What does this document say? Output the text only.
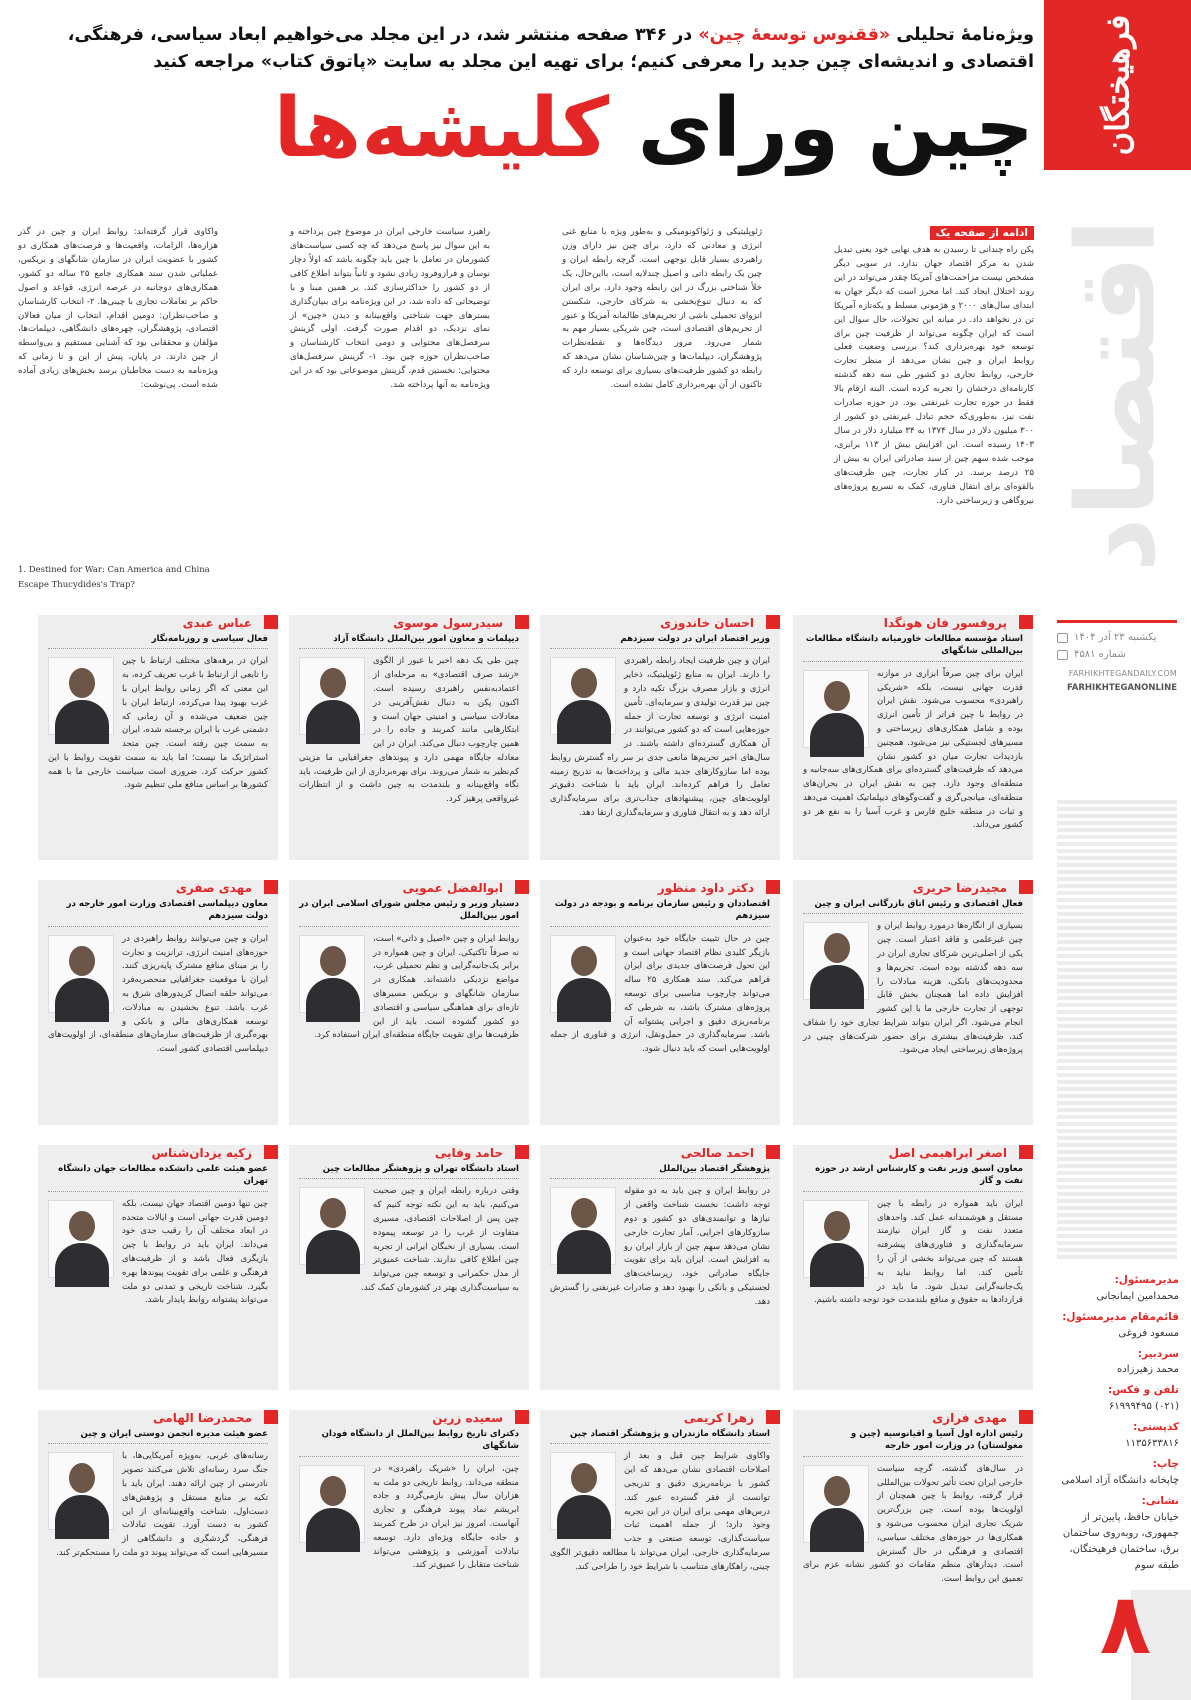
فرهیختگان
اقتصاد
یکشنبه ۲۳ آذر ۱۴۰۴
شماره ۴۵۸۱
FARHIKHTEGANDAILY.COM
FARHIKHTEGANONLINE
مدیرمسئول:
محمدامین ایمانجانی
قائم‌مقام مدیرمسئول:
مسعود فروغی
سردبیر:
محمد زهیرزاده
تلفن و فکس:
(۰۲۱) ۶۱۹۹۹۴۹۵
کدپستی:
۱۱۳۵۶۳۳۸۱۶
چاپ:
چاپخانه دانشگاه آزاد اسلامی
نشانی:
خیابان حافظ، پایین‌تر از جمهوری، روبه‌روی ساختمان برق، ساختمان فرهیختگان، طبقه سوم
۸
ویژه‌نامهٔ تحلیلی «ققنوس توسعهٔ چین» در ۳۴۶ صفحه منتشر شد، در این مجلد می‌خواهیم ابعاد سیاسی، فرهنگی، اقتصادی و اندیشه‌ای چین جدید را معرفی کنیم؛ برای تهیه این مجلد به سایت «پاتوق کتاب» مراجعه کنید
چین ورای کلیشه‌ها
پکن راه چندانی تا رسیدن به هدف نهایی خود یعنی تبدیل شدن به مرکز اقتصاد جهان ندارد. در سویی دیگر مشخص نیست مزاحمت‌های آمریکا چقدر می‌تواند در این روند اختلال ایجاد کند. اما محرز است که دیگر جهان به ابتدای سال‌های ۲۰۰۰ و هژمونی مسلط و یکه‌تازه آمریکا تن در نخواهد داد. در میانه این تحولات، حال سوال این است که ایران چگونه می‌تواند از ظرفیت چین برای توسعه خود بهره‌برداری کند؟ بررسی وضعیت فعلی روابط ایران و چین نشان می‌دهد از منظر تجارت خارجی، روابط تجاری دو کشور طی سه دهه گذشته کارنامه‌ای درخشان را تجربه کرده است. البته ارقام بالا فقط در حوزه تجارت غیرنفتی بود. در حوزه صادرات نفت نیز، به‌طوری‌که حجم تبادل غیرنفتی دو کشور از ۳۰۰ میلیون دلار در سال ۱۳۷۴ به ۳۴ میلیارد دلار در سال ۱۴۰۳ رسیده است. این افزایش بیش از ۱۱۳ برابری، موجب شده سهم چین از سبد صادراتی ایران به بیش از ۲۵ درصد برسد. در کنار تجارت، چین ظرفیت‌های بالقوه‌ای برای انتقال فناوری، کمک به تسریع پروژه‌های نیروگاهی و زیرساختی دارد.
ادامه از صفحه یک
ژئوپلیتیکی و ژئواکونومیکی و به‌طور ویژه با منابع غنی انرژی و معادنی که دارد، برای چین نیز دارای وزن راهبردی بسیار قابل توجهی است. گرچه رابطه ایران و چین یک رابطه ذاتی و اصیل چندلایه است، بااین‌حال، یک خلأ شناختی بزرگ در این رابطه وجود دارد. برای ایران که به دنبال تنوع‌بخشی به شرکای خارجی، شکستن انزوای تحمیلی ناشی از تحریم‌های ظالمانه آمریکا و عبور از تحریم‌های اقتصادی است، چین شریکی بسیار مهم به شمار می‌رود. مرور دیدگاه‌ها و نقطه‌نظرات پژوهشگران، دیپلمات‌ها و چین‌شناسان نشان می‌دهد که رابطه دو کشور ظرفیت‌های بسیاری برای توسعه دارد که تاکنون از آن بهره‌برداری کامل نشده است.
راهبرد سیاست خارجی ایران در موضوع چین پرداخته و به این سوال نیز پاسخ می‌دهد که چه کسی سیاست‌های کشورمان در تعامل با چین باید چگونه باشد که اولاً دچار نوسان و فرازوفرود زیادی نشود و ثانیاً بتواند اطلاع کافی از دو کشور را حداکثرسازی کند. بر همین مبنا و با توضیحاتی که داده شد، در این ویژه‌نامه برای بنیان‌گذاری بسترهای جهت شناختی واقع‌بینانه و دیدن «چین» از نمای نزدیک، دو اقدام صورت گرفت. اولی گزینش سرفصل‌های محتوایی و دومی انتخاب کارشناسان و صاحب‌نظران حوزه چین بود. ۱- گزینش سرفصل‌های محتوایی: نخستین قدم، گزینش موضوعاتی بود که در این ویژه‌نامه به آنها پرداخته شد.
واکاوی قرار گرفته‌اند: روابط ایران و چین در گذر هزاره‌ها، الزامات، واقعیت‌ها و فرصت‌های همکاری دو کشور با عضویت ایران در سازمان شانگهای و بریکس، عملیاتی شدن سند همکاری جامع ۲۵ ساله دو کشور، همکاری‌های دوجانبه در عرصه انرژی، قواعد و اصول حاکم بر تعاملات تجاری با چینی‌ها. ۲- انتخاب کارشناسان و صاحب‌نظران: دومین اقدام، انتخاب از میان فعالان اقتصادی، پژوهشگران، چهره‌های دانشگاهی، دیپلمات‌ها، مؤلفان و محققانی بود که آشنایی مستقیم و بی‌واسطه از چین دارند. در پایان، پیش از این و تا زمانی که ویژه‌نامه به دست مخاطبان برسد بخش‌های زیادی آماده شده است. پی‌نوشت:
1. Destined for War: Can America and China Escape Thucydides's Trap?
پروفسور فان هونگدا
استاد مؤسسه مطالعات خاورمیانه دانشگاه مطالعات بین‌المللی شانگهای
ایران برای چین صرفاً ابزاری در موازنه قدرت جهانی نیست، بلکه «شریکی راهبردی» محسوب می‌شود. نقش ایران در روابط با چین فراتر از تأمین انرژی بوده و شامل همکاری‌های زیرساختی و مسیرهای لجستیکی نیز می‌شود. همچنین بازدیدات تجارت میان دو کشور نشان می‌دهد که ظرفیت‌های گسترده‌ای برای همکاری‌های سه‌جانبه و منطقه‌ای وجود دارد. چین به نقش ایران در بحران‌های منطقه‌ای، میانجی‌گری و گفت‌وگوهای دیپلماتیک اهمیت می‌دهد و ثبات در منطقه خلیج فارس و غرب آسیا را به نفع هر دو کشور می‌داند.
احسان خاندوزی
وزیر اقتصاد ایران در دولت سیزدهم
ایران و چین ظرفیت ایجاد رابطه راهبردی را دارند. ایران به منابع ژئوپلیتیک، ذخایر انرژی و بازار مصرف بزرگ تکیه دارد و چین نیز قدرت تولیدی و سرمایه‌ای. تأمین امنیت انرژی و توسعه تجارت از جمله حوزه‌هایی است که دو کشور می‌توانند در آن همکاری گسترده‌ای داشته باشند. در سال‌های اخیر تحریم‌ها مانعی جدی بر سر راه گسترش روابط بوده اما سازوکارهای جدید مالی و پرداخت‌ها به تدریج زمینه تعامل را فراهم کرده‌اند. ایران باید با شناخت دقیق‌تر اولویت‌های چین، پیشنهادهای جذاب‌تری برای سرمایه‌گذاری ارائه دهد و به انتقال فناوری و سرمایه‌گذاری ارتقا دهد.
سیدرسول موسوی
دیپلمات و معاون امور بین‌الملل دانشگاه آزاد
چین طی یک دهه اخیر با عبور از الگوی «رشد صرف اقتصادی» به مرحله‌ای از اعتمادبه‌نفس راهبردی رسیده است. اکنون پکن به دنبال نقش‌آفرینی در معادلات سیاسی و امنیتی جهان است و ابتکارهایی مانند کمربند و جاده را در همین چارچوب دنبال می‌کند. ایران در این معادله جایگاه مهمی دارد و پیوندهای جغرافیایی ما مزیتی کم‌نظیر به شمار می‌روند. برای بهره‌برداری از این ظرفیت، باید نگاه واقع‌بینانه و بلندمدت به چین داشت و از انتظارات غیرواقعی پرهیز کرد.
عباس عبدی
فعال سیاسی و روزنامه‌نگار
ایران در برهه‌های مختلف ارتباط با چین را تابعی از ارتباط با غرب تعریف کرده، به این معنی که اگر زمانی روابط ایران با غرب بهبود پیدا می‌کرده، ارتباط ایران با چین ضعیف می‌شده و آن زمانی که دشمنی غرب با ایران برجسته شده، ایران به سمت چین رفته است. چین متحد استراتژیک ما نیست؛ اما باید به سمت تقویت روابط با این کشور حرکت کرد. ضروری است سیاست خارجی ما با همه کشورها بر اساس منافع ملی تنظیم شود.
مجیدرضا حریری
فعال اقتصادی و رئیس اتاق بازرگانی ایران و چین
بسیاری از انگاره‌ها درمورد روابط ایران و چین غیرعلمی و فاقد اعتبار است. چین یکی از اصلی‌ترین شرکای تجاری ایران در سه دهه گذشته بوده است. تحریم‌ها و محدودیت‌های بانکی، هزینه مبادلات را افزایش داده اما همچنان بخش قابل توجهی از تجارت خارجی ما با این کشور انجام می‌شود. اگر ایران بتواند شرایط تجاری خود را شفاف کند، ظرفیت‌های بیشتری برای حضور شرکت‌های چینی در پروژه‌های زیرساختی ایجاد می‌شود.
دکتر داود منظور
اقتصاددان و رئیس سازمان برنامه و بودجه در دولت سیزدهم
چین در حال تثبیت جایگاه خود به‌عنوان بازیگر کلیدی نظام اقتصاد جهانی است و این تحول فرصت‌های جدیدی برای ایران فراهم می‌کند. سند همکاری ۲۵ ساله می‌تواند چارچوب مناسبی برای توسعه پروژه‌های مشترک باشد، به شرطی که برنامه‌ریزی دقیق و اجرایی پشتوانه آن باشد. سرمایه‌گذاری در حمل‌ونقل، انرژی و فناوری از جمله اولویت‌هایی است که باید دنبال شود.
ابوالفضل عمویی
دستیار وزیر و رئیس مجلس شورای اسلامی ایران در امور بین‌الملل
روابط ایران و چین «اصیل و ذاتی» است، نه صرفاً تاکتیکی. ایران و چین همواره در برابر یک‌جانبه‌گرایی و نظم تحمیلی غرب، مواضع نزدیکی داشته‌اند. همکاری در سازمان شانگهای و بریکس مسیرهای تازه‌ای برای هماهنگی سیاسی و اقتصادی دو کشور گشوده است. باید از این ظرفیت‌ها برای تقویت جایگاه منطقه‌ای ایران استفاده کرد.
مهدی صفری
معاون دیپلماسی اقتصادی وزارت امور خارجه در دولت سیزدهم
ایران و چین می‌توانند روابط راهبردی در حوزه‌های امنیت انرژی، ترانزیت و تجارت را بر مبنای منافع مشترک پایه‌ریزی کنند. ایران با موقعیت جغرافیایی منحصر‌به‌فرد می‌تواند حلقه اتصال کریدورهای شرق به غرب باشد. تنوع بخشیدن به مبادلات، توسعه همکاری‌های مالی و بانکی و بهره‌گیری از ظرفیت‌های سازمان‌های منطقه‌ای، از اولویت‌های دیپلماسی اقتصادی کشور است.
اصغر ابراهیمی اصل
معاون اسبق وزیر نفت و کارشناس ارشد در حوزه نفت و گاز
ایران باید همواره در رابطه با چین مستقل و هوشمندانه عمل کند. واحدهای متعدد نفت و گاز ایران نیازمند سرمایه‌گذاری و فناوری‌های پیشرفته هستند که چین می‌تواند بخشی از آن را تأمین کند. اما روابط نباید به یک‌جانبه‌گرایی تبدیل شود. ما باید در قراردادها به حقوق و منافع بلندمدت خود توجه داشته باشیم.
احمد صالحی
پژوهشگر اقتصاد بین‌الملل
در روابط ایران و چین باید به دو مقوله توجه داشت: نخست شناخت واقعی از نیازها و توانمندی‌های دو کشور و دوم سازوکارهای اجرایی. آمار تجارت خارجی نشان می‌دهد سهم چین از بازار ایران رو به افزایش است. ایران باید برای تقویت جایگاه صادراتی خود، زیرساخت‌های لجستیکی و بانکی را بهبود دهد و صادرات غیرنفتی را گسترش دهد.
حامد وفایی
استاد دانشگاه تهران و پژوهشگر مطالعات چین
وقتی درباره رابطه ایران و چین صحبت می‌کنیم، باید به این نکته توجه کنیم که چین پس از اصلاحات اقتصادی، مسیری متفاوت از غرب را در توسعه پیموده است. بسیاری از نخبگان ایرانی از تجربه چین اطلاع کافی ندارند. شناخت عمیق‌تر از مدل حکمرانی و توسعه چین می‌تواند به سیاست‌گذاری بهتر در کشورمان کمک کند.
زکیه یزدان‌شناس
عضو هیئت علمی دانشکده مطالعات جهان دانشگاه تهران
چین تنها دومین اقتصاد جهان نیست، بلکه دومین قدرت جهانی است و ایالات متحده در ابعاد مختلف آن را رقیب جدی خود می‌داند. ایران باید در روابط با چین بازیگری فعال باشد و از ظرفیت‌های فرهنگی و علمی برای تقویت پیوندها بهره بگیرد. شناخت تاریخی و تمدنی دو ملت می‌تواند پشتوانه روابط پایدار باشد.
مهدی فرازی
رئیس اداره اول آسیا و اقیانوسیه (چین و مغولستان) در وزارت امور خارجه
در سال‌های گذشته، گرچه سیاست خارجی ایران تحت تأثیر تحولات بین‌المللی قرار گرفته، روابط با چین همچنان از اولویت‌ها بوده است. چین بزرگ‌ترین شریک تجاری ایران محسوب می‌شود و همکاری‌ها در حوزه‌های مختلف سیاسی، اقتصادی و فرهنگی در حال گسترش است. دیدارهای منظم مقامات دو کشور نشانه عزم برای تعمیق این روابط است.
زهرا کریمی
استاد دانشگاه مازندران و پژوهشگر اقتصاد چین
واکاوی شرایط چین قبل و بعد از اصلاحات اقتصادی نشان می‌دهد که این کشور با برنامه‌ریزی دقیق و تدریجی توانست از فقر گسترده عبور کند. درس‌های مهمی برای ایران در این تجربه وجود دارد؛ از جمله اهمیت ثبات سیاست‌گذاری، توسعه صنعتی و جذب سرمایه‌گذاری خارجی. ایران می‌تواند با مطالعه دقیق‌تر الگوی چینی، راهکارهای متناسب با شرایط خود را طراحی کند.
سعیده زرین
دکترای تاریخ روابط بین‌الملل از دانشگاه فودان شانگهای
چین، ایران را «شریک راهبردی» در منطقه می‌داند. روابط تاریخی دو ملت به هزاران سال پیش بازمی‌گردد و جاده ابریشم نماد پیوند فرهنگی و تجاری آنهاست. امروز نیز ایران در طرح کمربند و جاده جایگاه ویژه‌ای دارد. توسعه تبادلات آموزشی و پژوهشی می‌تواند شناخت متقابل را عمیق‌تر کند.
محمدرضا الهامی
عضو هیئت مدیره انجمن دوستی ایران و چین
رسانه‌های غربی، به‌ویژه آمریکایی‌ها، با جنگ سرد رسانه‌ای تلاش می‌کنند تصویر نادرستی از چین ارائه دهند. ایران باید با تکیه بر منابع مستقل و پژوهش‌های دست‌اول، شناخت واقع‌بینانه‌ای از این کشور به دست آورد. تقویت تبادلات فرهنگی، گردشگری و دانشگاهی از مسیرهایی است که می‌تواند پیوند دو ملت را مستحکم‌تر کند.
